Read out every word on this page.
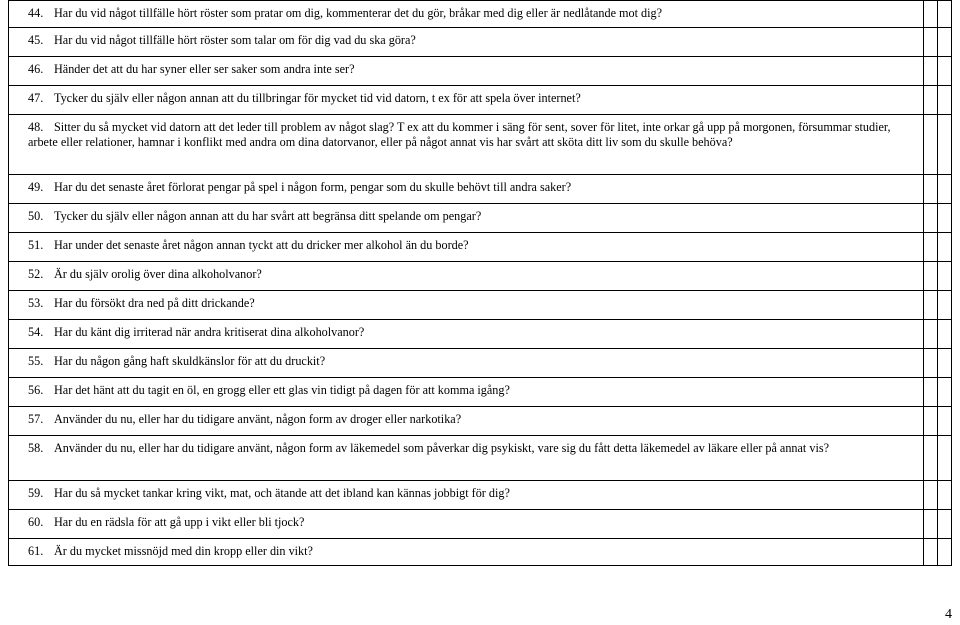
44. Har du vid något tillfälle hört röster som pratar om dig, kommenterar det du gör, bråkar med dig eller är nedlåtande mot dig?		
45. Har du vid något tillfälle hört röster som talar om för dig vad du ska göra?		
46. Händer det att du har syner eller ser saker som andra inte ser?		
47. Tycker du själv eller någon annan att du tillbringar för mycket tid vid datorn, t ex för att spela över internet?		
48. Sitter du så mycket vid datorn att det leder till problem av något slag? T ex att du kommer i säng för sent, sover för litet, inte orkar gå upp på morgonen, försummar studier, arbete eller relationer, hamnar i konflikt med andra om dina datorvanor, eller på något annat vis har svårt att sköta ditt liv som du skulle behöva?		
49. Har du det senaste året förlorat pengar på spel i någon form, pengar som du skulle behövt till andra saker?		
50. Tycker du själv eller någon annan att du har svårt att begränsa ditt spelande om pengar?		
51. Har under det senaste året någon annan tyckt att du dricker mer alkohol än du borde?		
52. Är du själv orolig över dina alkoholvanor?		
53. Har du försökt dra ned på ditt drickande?		
54. Har du känt dig irriterad när andra kritiserat dina alkoholvanor?		
55. Har du någon gång haft skuldkänslor för att du druckit?		
56. Har det hänt att du tagit en öl, en grogg eller ett glas vin tidigt på dagen för att komma igång?		
57. Använder du nu, eller har du tidigare använt, någon form av droger eller narkotika?		
58. Använder du nu, eller har du tidigare använt, någon form av läkemedel som påverkar dig psykiskt, vare sig du fått detta läkemedel av läkare eller på annat vis?		
59. Har du så mycket tankar kring vikt, mat, och ätande att det ibland kan kännas jobbigt för dig?		
60. Har du en rädsla för att gå upp i vikt eller bli tjock?		
61. Är du mycket missnöjd med din kropp eller din vikt?		
4
